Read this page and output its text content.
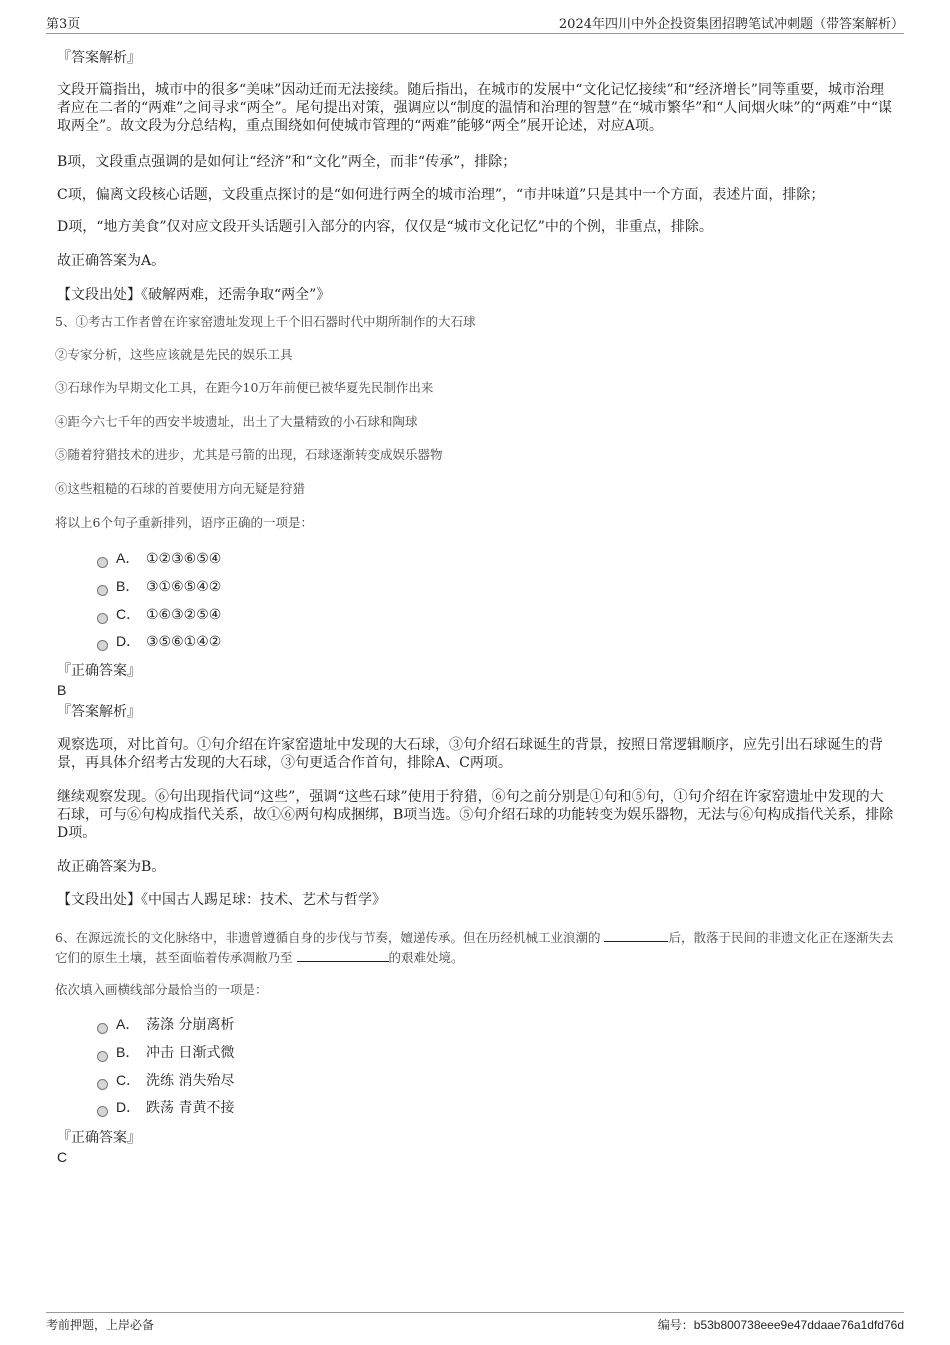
第3页	2024年四川中外企投资集团招聘笔试冲刺题（带答案解析）

『答案解析』

文段开篇指出，城市中的很多“美味”因动迁而无法接续。随后指出，在城市的发展中“文化记忆接续”和“经济增长”同等重要，城市治理者应在二者的“两难”之间寻求“两全”。尾句提出对策，强调应以“制度的温情和治理的智慧”在“城市繁华”和“人间烟火味”的“两难”中“谋取两全”。故文段为分总结构，重点围绕如何使城市管理的“两难”能够“两全”展开论述，对应A项。

B项，文段重点强调的是如何让“经济”和“文化”两全，而非“传承”，排除；

C项，偏离文段核心话题，文段重点探讨的是“如何进行两全的城市治理”，“市井味道”只是其中一个方面，表述片面，排除；

D项，“地方美食”仅对应文段开头话题引入部分的内容，仅仅是“城市文化记忆”中的个例，非重点，排除。

故正确答案为A。

【文段出处】《破解两难，还需争取“两全”》

5、①考古工作者曾在许家窑遗址发现上千个旧石器时代中期所制作的大石球

②专家分析，这些应该就是先民的娱乐工具

③石球作为早期文化工具，在距今10万年前便已被华夏先民制作出来

④距今六七千年的西安半坡遗址，出土了大量精致的小石球和陶球

⑤随着狩猎技术的进步，尤其是弓箭的出现，石球逐渐转变成娱乐器物

⑥这些粗糙的石球的首要使用方向无疑是狩猎

将以上6个句子重新排列，语序正确的一项是：

A． ①②③⑥⑤④
B． ③①⑥⑤④②
C． ①⑥③②⑤④
D． ③⑤⑥①④②

『正确答案』

B

『答案解析』

观察选项，对比首句。①句介绍在许家窑遗址中发现的大石球，③句介绍石球诞生的背景，按照日常逻辑顺序，应先引出石球诞生的背景，再具体介绍考古发现的大石球，③句更适合作首句，排除A、C两项。

继续观察发现。⑥句出现指代词“这些”，强调“这些石球”使用于狩猎，⑥句之前分别是①句和⑤句，①句介绍在许家窑遗址中发现的大石球，可与⑥句构成指代关系，故①⑥两句构成捆绑，B项当选。⑤句介绍石球的功能转变为娱乐器物，无法与⑥句构成指代关系，排除D项。

故正确答案为B。

【文段出处】《中国古人踢足球：技术、艺术与哲学》

6、在源远流长的文化脉络中，非遗曾遵循自身的步伐与节奏，嬗递传承。但在历经机械工业浪潮的	后，散落于民间的非遗文化正在逐渐失去它们的原生土壤，甚至面临着传承凋敝乃至	的艰难处境。

依次填入画横线部分最恰当的一项是：

A． 荡涤 分崩离析
B． 冲击 日渐式微
C． 洗练 消失殆尽
D． 跌荡 青黄不接

『正确答案』

C

考前押题，上岸必备	编号：b53b800738eee9e47ddaae76a1dfd76d
